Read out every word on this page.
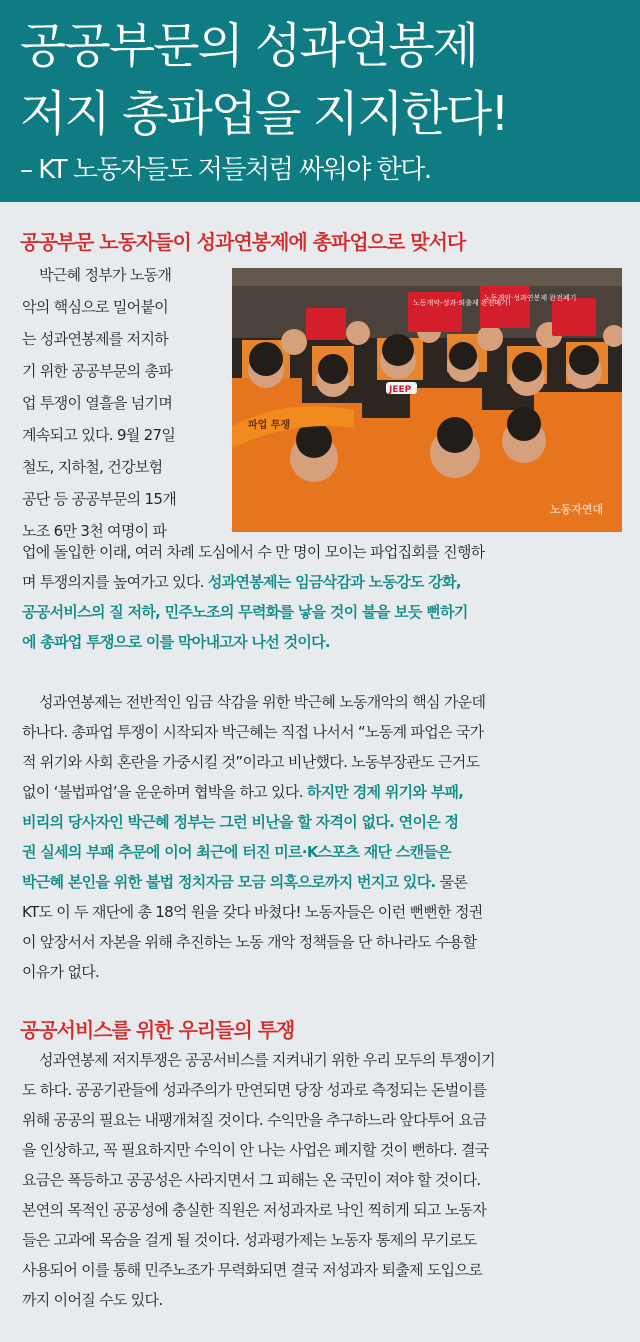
공공부문의 성과연봉제
저지 총파업을 지지한다!
– KT 노동자들도 저들처럼 싸워야 한다.
공공부문 노동자들이 성과연봉제에 총파업으로 맞서다
JEEP
노동개악-성과·퇴출제 완전폐기!
노동개악·성과연봉제 완전폐기
파업 투쟁
노동자연대
박근혜 정부가 노동개
악의 핵심으로 밀어붙이
는 성과연봉제를 저지하
기 위한 공공부문의 총파
업 투쟁이 열흘을 넘기며
계속되고 있다. 9월 27일
철도, 지하철, 건강보험
공단 등 공공부문의 15개
노조 6만 3천 여명이 파
업에 돌입한 이래, 여러 차례 도심에서 수 만 명이 모이는 파업집회를 진행하
며 투쟁의지를 높여가고 있다. 성과연봉제는 임금삭감과 노동강도 강화,
공공서비스의 질 저하, 민주노조의 무력화를 낳을 것이 불을 보듯 뻔하기
에 총파업 투쟁으로 이를 막아내고자 나선 것이다.
성과연봉제는 전반적인 임금 삭감을 위한 박근혜 노동개악의 핵심 가운데
하나다. 총파업 투쟁이 시작되자 박근혜는 직접 나서서 “노동계 파업은 국가
적 위기와 사회 혼란을 가중시킬 것”이라고 비난했다. 노동부장관도 근거도
없이 ‘불법파업’을 운운하며 협박을 하고 있다. 하지만 경제 위기와 부패,
비리의 당사자인 박근혜 정부는 그런 비난을 할 자격이 없다. 연이은 정
권 실세의 부패 추문에 이어 최근에 터진 미르·K스포츠 재단 스캔들은
박근혜 본인을 위한 불법 정치자금 모금 의혹으로까지 번지고 있다. 물론
KT도 이 두 재단에 총 18억 원을 갖다 바쳤다! 노동자들은 이런 뻔뻔한 정권
이 앞장서서 자본을 위해 추진하는 노동 개악 정책들을 단 하나라도 수용할
이유가 없다.
공공서비스를 위한 우리들의 투쟁
성과연봉제 저지투쟁은 공공서비스를 지켜내기 위한 우리 모두의 투쟁이기
도 하다. 공공기관들에 성과주의가 만연되면 당장 성과로 측정되는 돈벌이를
위해 공공의 필요는 내팽개쳐질 것이다. 수익만을 추구하느라 앞다투어 요금
을 인상하고, 꼭 필요하지만 수익이 안 나는 사업은 폐지할 것이 뻔하다. 결국
요금은 폭등하고 공공성은 사라지면서 그 피해는 온 국민이 져야 할 것이다.
본연의 목적인 공공성에 충실한 직원은 저성과자로 낙인 찍히게 되고 노동자
들은 고과에 목숨을 걸게 될 것이다. 성과평가제는 노동자 통제의 무기로도
사용되어 이를 통해 민주노조가 무력화되면 결국 저성과자 퇴출제 도입으로
까지 이어질 수도 있다.
